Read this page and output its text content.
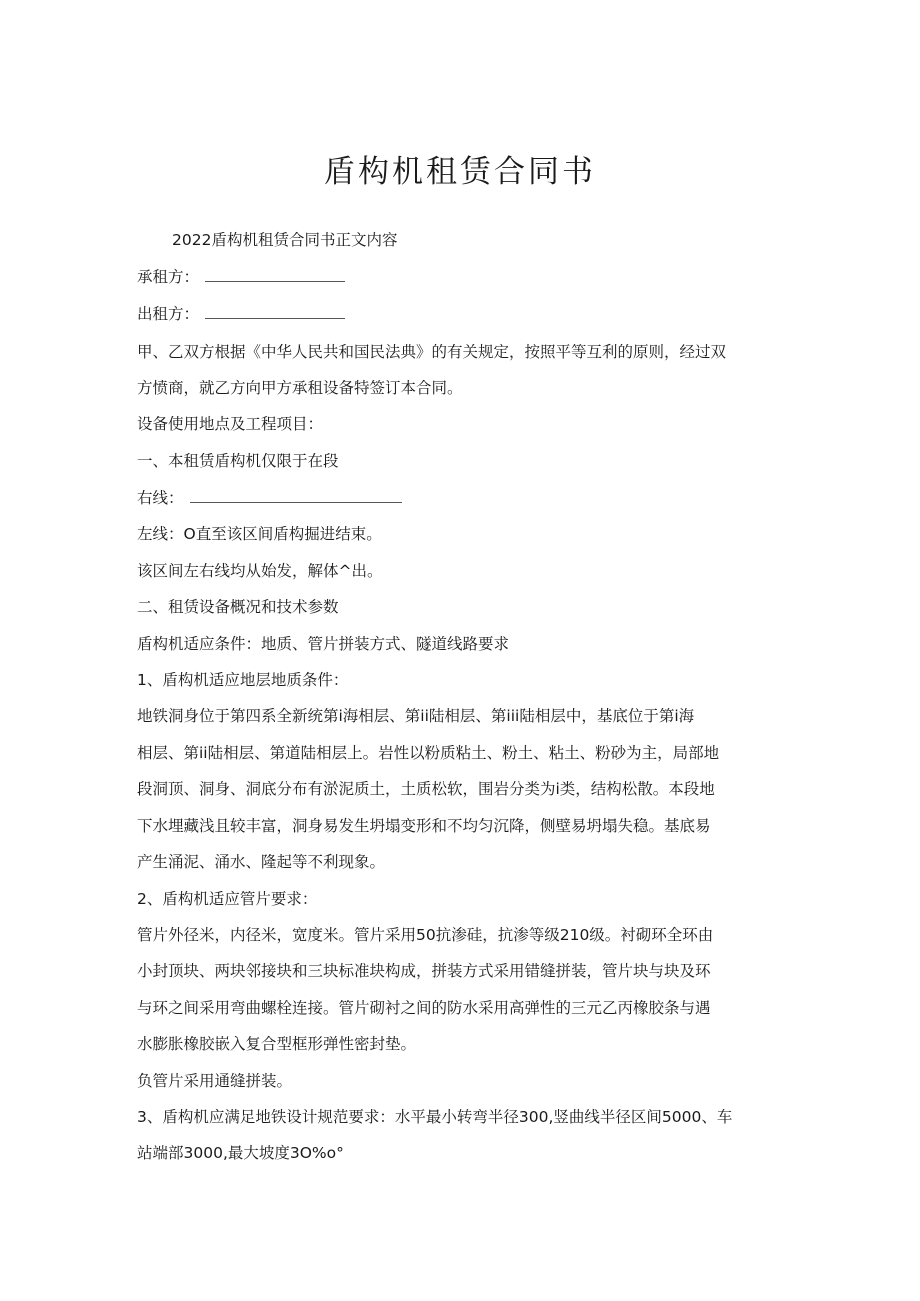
盾构机租赁合同书
2022盾构机租赁合同书正文内容
承租方：
出租方：
甲、乙双方根据《中华人民共和国民法典》的有关规定，按照平等互利的原则，经过双
方愤商，就乙方向甲方承租设备特签订本合同。
设备使用地点及工程项目：
一、本租赁盾构机仅限于在段
右线：
左线：O直至该区间盾构掘进结束。
该区间左右线均从始发，解体^出。
二、租赁设备概况和技术参数
盾构机适应条件：地质、管片拼装方式、隧道线路要求
1、盾构机适应地层地质条件：
地铁洞身位于第四系全新统第i海相层、第ii陆相层、第iii陆相层中，基底位于第i海
相层、第ii陆相层、第道陆相层上。岩性以粉质粘土、粉土、粘土、粉砂为主，局部地
段洞顶、洞身、洞底分布有淤泥质土，土质松软，围岩分类为i类，结构松散。本段地
下水埋藏浅且较丰富，洞身易发生坍塌变形和不均匀沉降，侧壁易坍塌失稳。基底易
产生涌泥、涌水、隆起等不利现象。
2、盾构机适应管片要求：
管片外径米，内径米，宽度米。管片采用50抗渗硅，抗渗等级210级。衬砌环全环由
小封顶块、两块邻接块和三块标准块构成，拼装方式采用错缝拼装，管片块与块及环
与环之间采用弯曲螺栓连接。管片砌衬之间的防水采用高弹性的三元乙丙橡胶条与遇
水膨胀橡胶嵌入复合型框形弹性密封垫。
负管片采用通缝拼装。
3、盾构机应满足地铁设计规范要求：水平最小转弯半径300,竖曲线半径区间5000、车
站端部3000,最大坡度3O%o°
